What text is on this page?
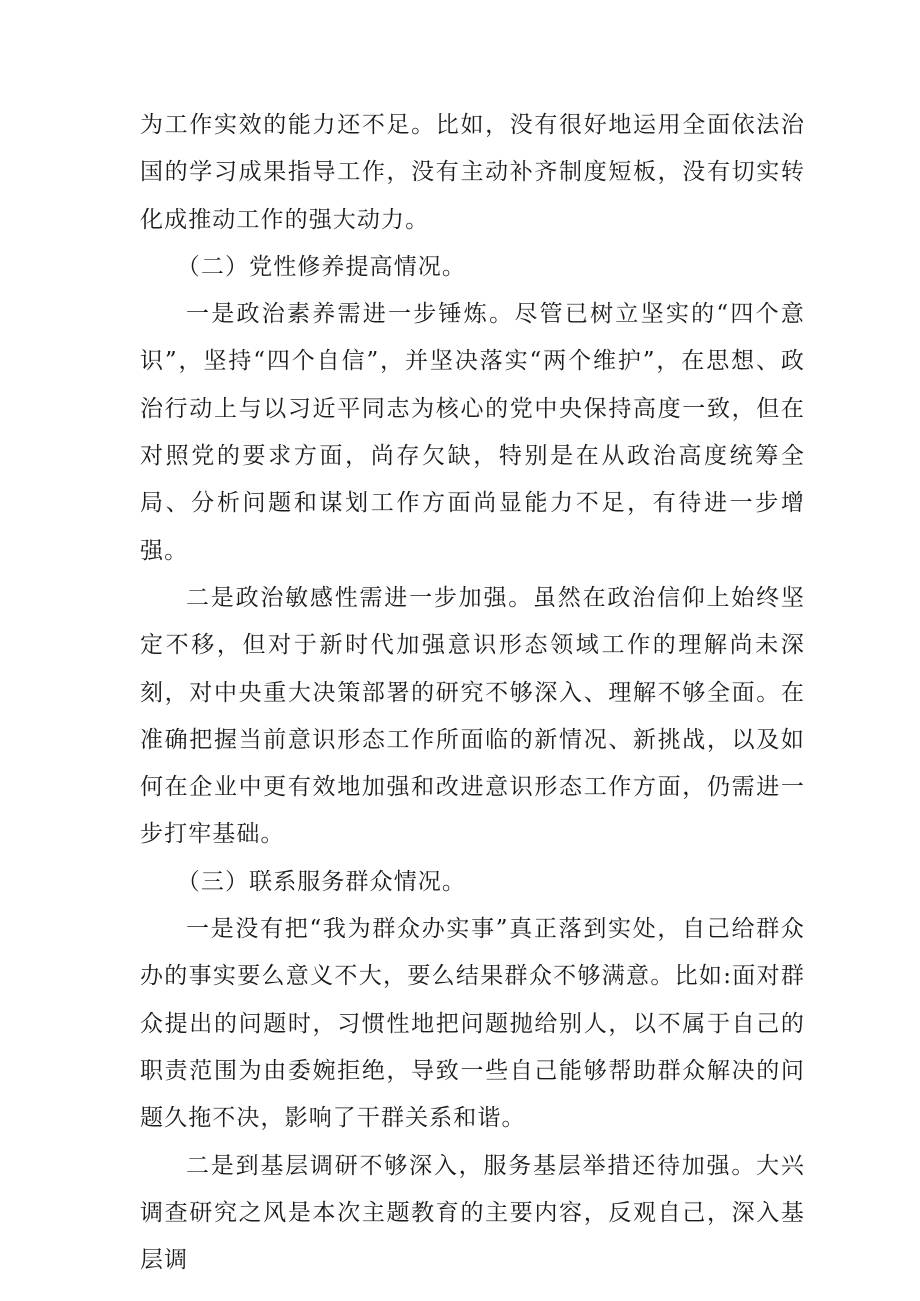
为工作实效的能力还不足。比如，没有很好地运用全面依法治国的学习成果指导工作，没有主动补齐制度短板，没有切实转化成推动工作的强大动力。

（二）党性修养提高情况。

一是政治素养需进一步锤炼。尽管已树立坚实的“四个意识”，坚持“四个自信”，并坚决落实“两个维护”，在思想、政治行动上与以习近平同志为核心的党中央保持高度一致，但在对照党的要求方面，尚存欠缺，特别是在从政治高度统筹全局、分析问题和谋划工作方面尚显能力不足，有待进一步增强。

二是政治敏感性需进一步加强。虽然在政治信仰上始终坚定不移，但对于新时代加强意识形态领域工作的理解尚未深刻，对中央重大决策部署的研究不够深入、理解不够全面。在准确把握当前意识形态工作所面临的新情况、新挑战，以及如何在企业中更有效地加强和改进意识形态工作方面，仍需进一步打牢基础。

（三）联系服务群众情况。

一是没有把“我为群众办实事”真正落到实处，自己给群众办的事实要么意义不大，要么结果群众不够满意。比如:面对群众提出的问题时，习惯性地把问题抛给别人，以不属于自己的职责范围为由委婉拒绝，导致一些自己能够帮助群众解决的问题久拖不决，影响了干群关系和谐。

二是到基层调研不够深入，服务基层举措还待加强。大兴调查研究之风是本次主题教育的主要内容，反观自己，深入基层调
